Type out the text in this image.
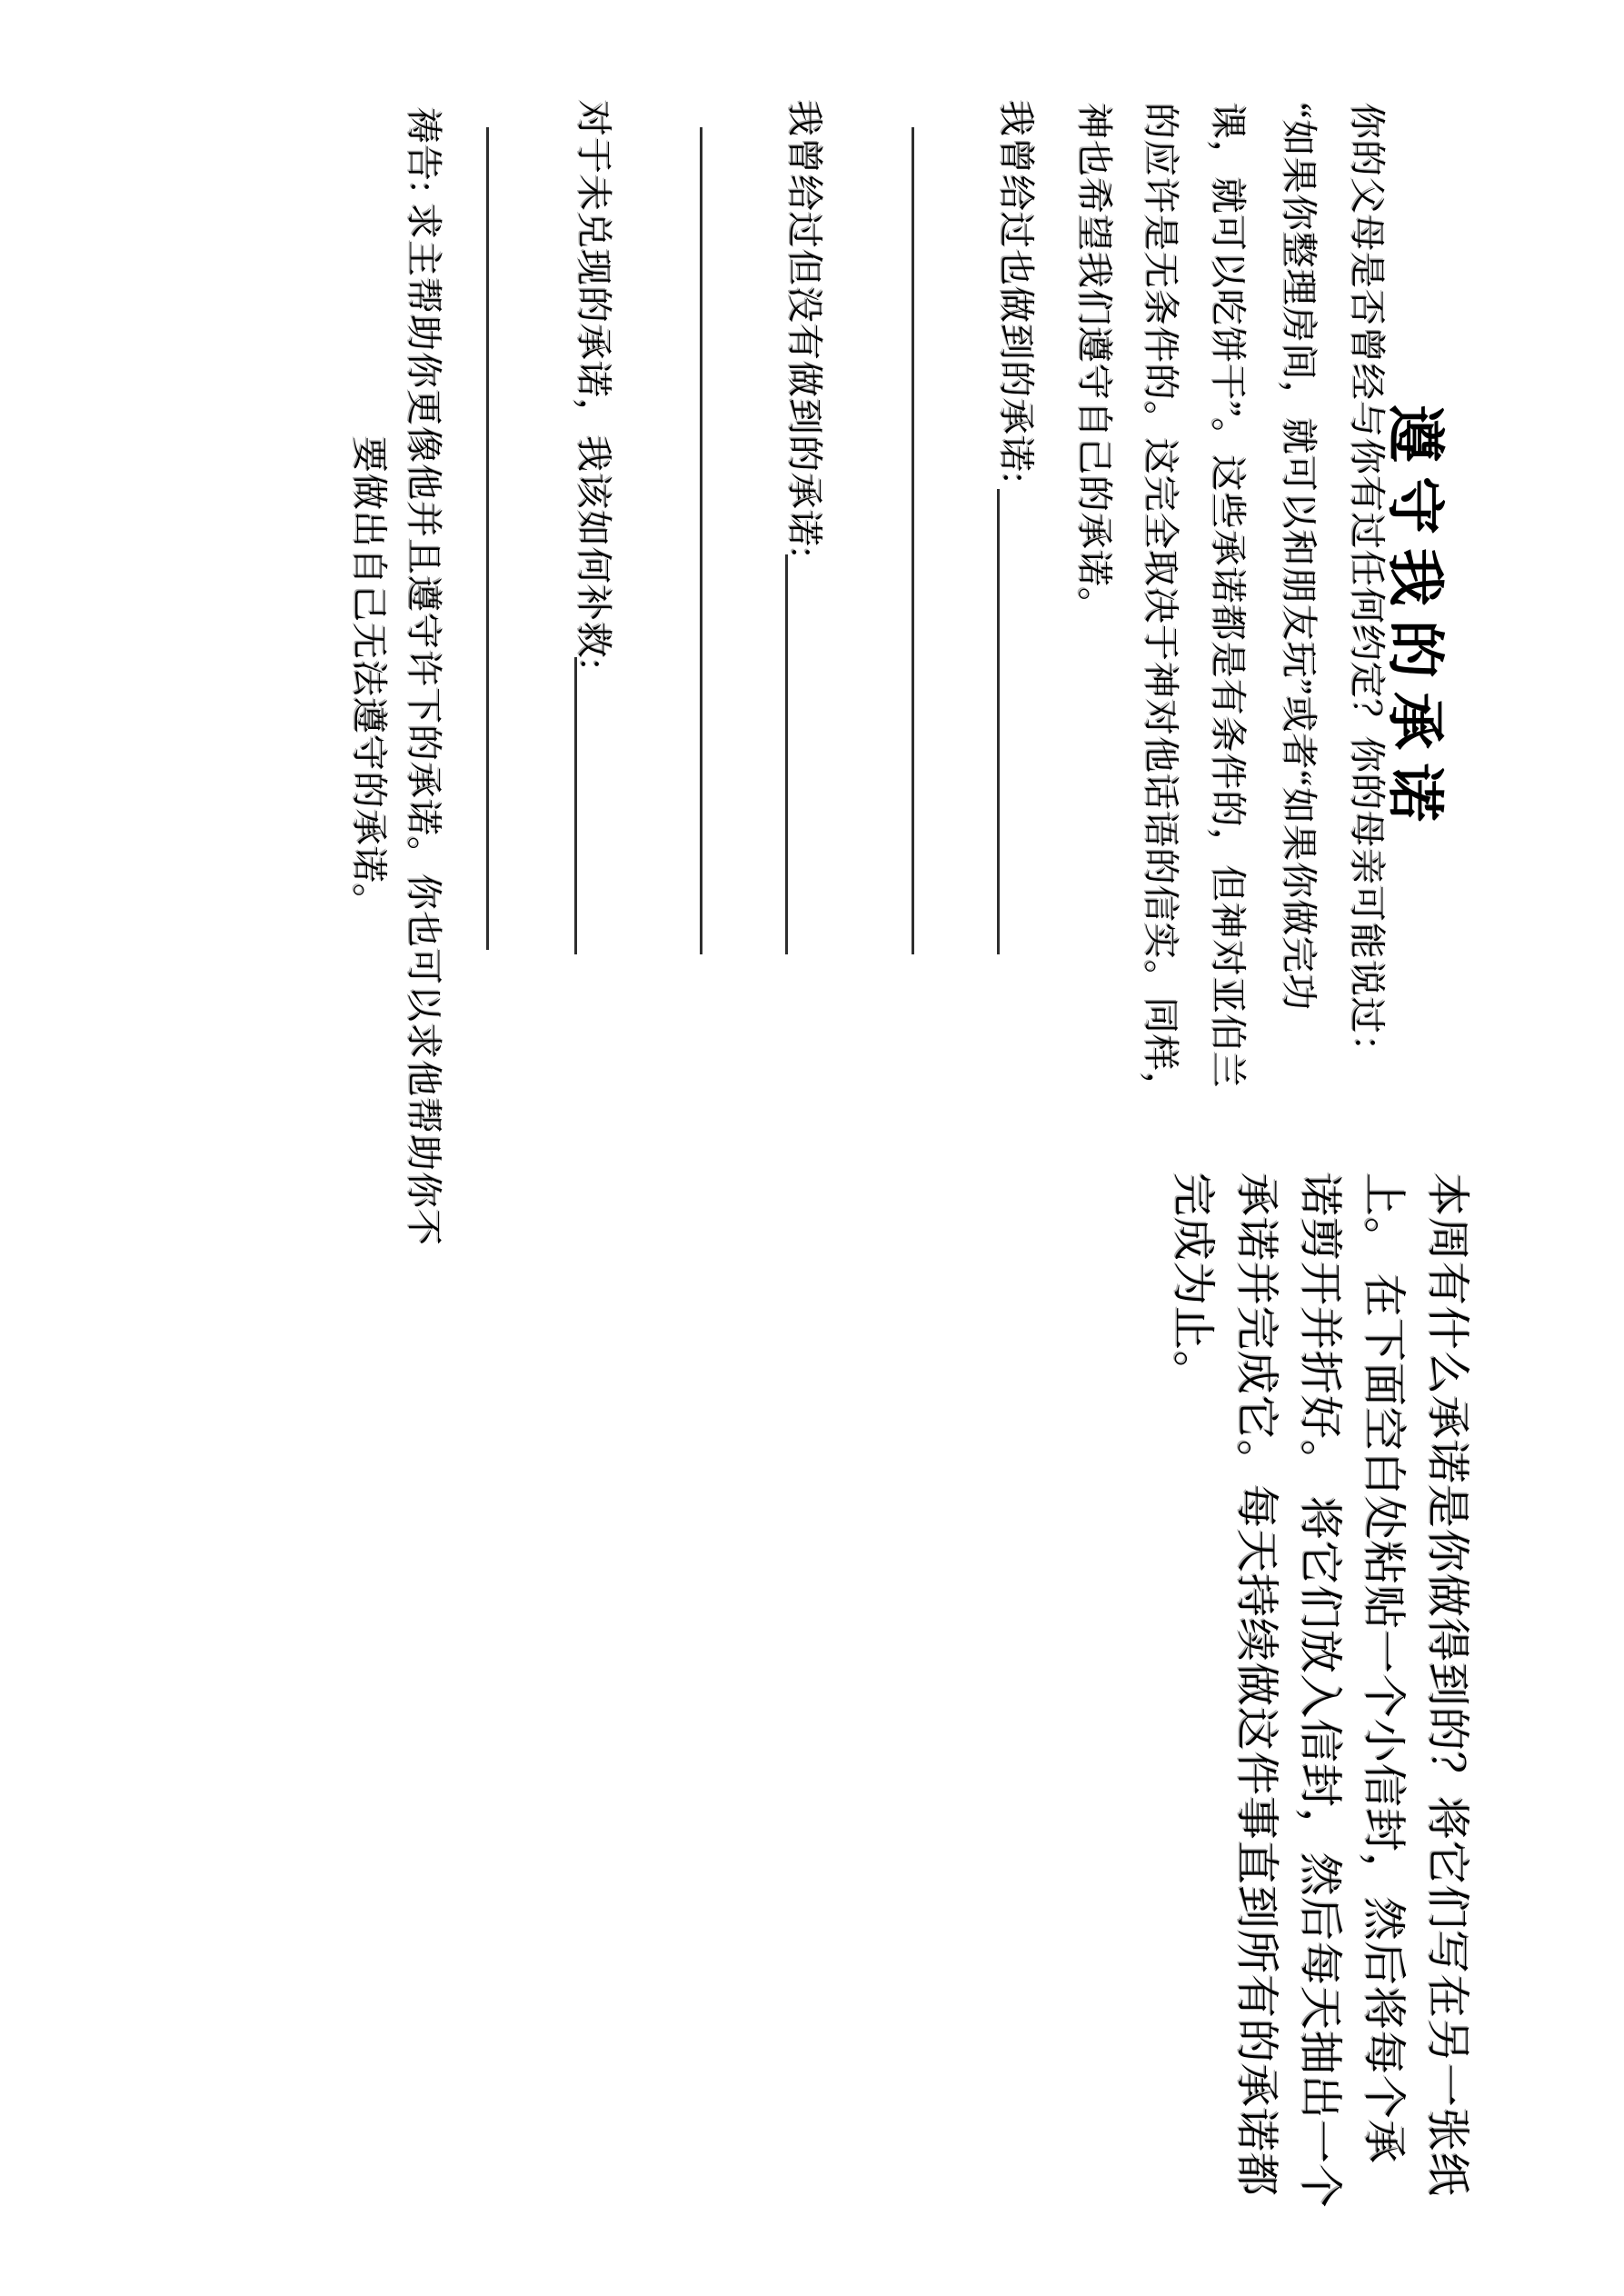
遵守我的承诺
你的父母是否曾经与你有过任何约定？你的母亲可能说过：
“如果你整理房间，就可以和朋友玩”或者“如果你做完功
课，就可以吃饼干”。这些承诺都是有条件的，但神对亚伯兰
的应许是无条件的。这完全取决于神对他话语的信实。同样，
神也希望我们遵守自己的承诺。
我曾给过也做到的承诺:
我曾给过但没有做到的承诺:
对于未兑现的承诺，我该如何补救:
祷告: 求主帮助你更像他并且遵守许下的承诺。你也可以求他帮助你不
要做出自己无法遵守的承诺。
本周有什么承诺是你做得到的？将它们写在另一张纸
上。 在下面空白处粘贴一个小信封，然后将每个承
诺剪开并折好。 将它们放入信封，然后每天抽出一个
承诺并完成它。每天持续做这件事直到所有的承诺都
完成为止。
